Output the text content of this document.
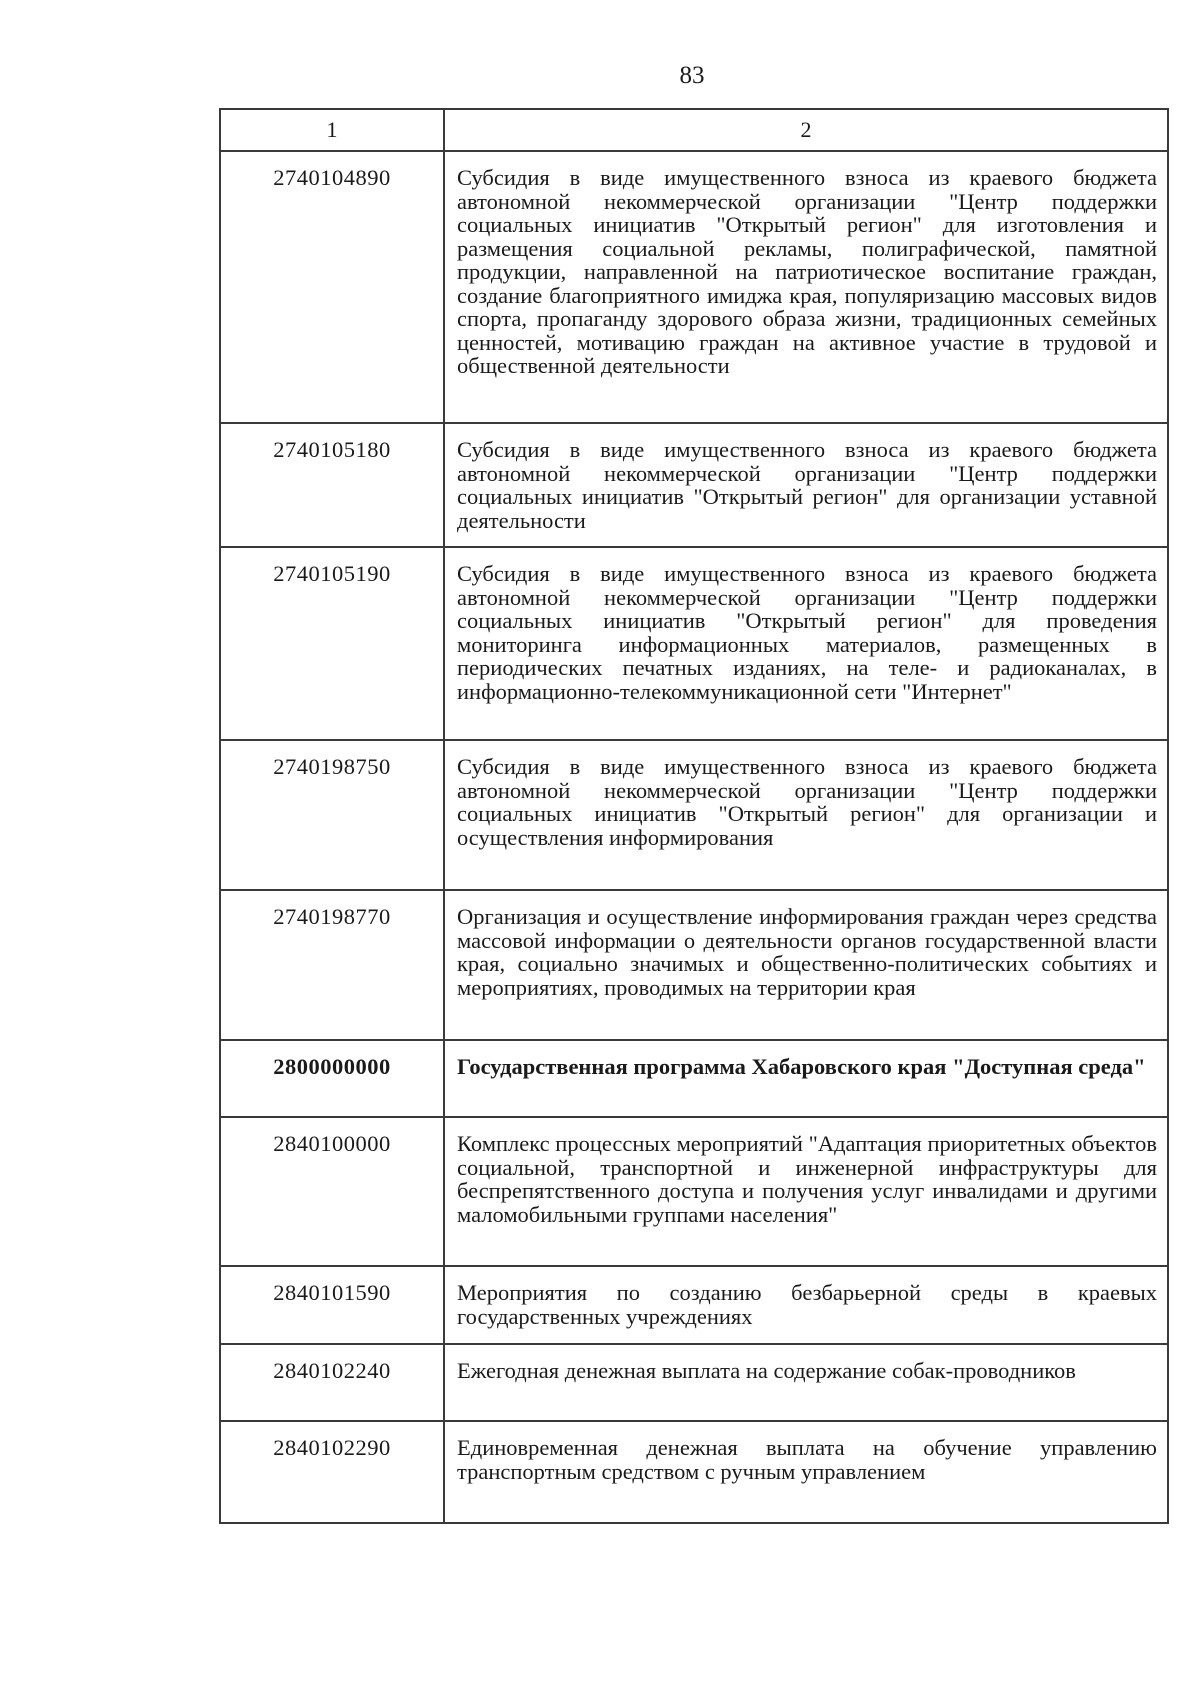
83
1	2
2740104890	Субсидия в виде имущественного взноса из краевого бюджета автономной некоммерческой организации "Центр поддержки социальных инициатив "Открытый регион" для изготовления и размещения социальной рекламы, полиграфической, памятной продукции, направленной на патриотическое воспитание граждан, создание благоприятного имиджа края, популяризацию массовых видов спорта, пропаганду здорового образа жизни, традиционных семейных ценностей, мотивацию граждан на активное участие в трудовой и общественной деятельности
2740105180	Субсидия в виде имущественного взноса из краевого бюджета автономной некоммерческой организации "Центр поддержки социальных инициатив "Открытый регион" для организации уставной деятельности
2740105190	Субсидия в виде имущественного взноса из краевого бюджета автономной некоммерческой организации "Центр поддержки социальных инициатив "Открытый регион" для проведения мониторинга информационных материалов, размещенных в периодических печатных изданиях, на теле- и радиоканалах, в информационно-телекоммуникационной сети "Интернет"
2740198750	Субсидия в виде имущественного взноса из краевого бюджета автономной некоммерческой организации "Центр поддержки социальных инициатив "Открытый регион" для организации и осуществления информирования
2740198770	Организация и осуществление информирования граждан через средства массовой информации о деятельности органов государственной власти края, социально значимых и общественно-политических событиях и мероприятиях, проводимых на территории края
2800000000	Государственная программа Хабаровского края "Доступная среда"
2840100000	Комплекс процессных мероприятий "Адаптация приоритетных объектов социальной, транспортной и инженерной инфраструктуры для беспрепятственного доступа и получения услуг инвалидами и другими маломобильными группами населения"
2840101590	Мероприятия по созданию безбарьерной среды в краевых государственных учреждениях
2840102240	Ежегодная денежная выплата на содержание собак-проводников
2840102290	Единовременная денежная выплата на обучение управлению транспортным средством с ручным управлением
